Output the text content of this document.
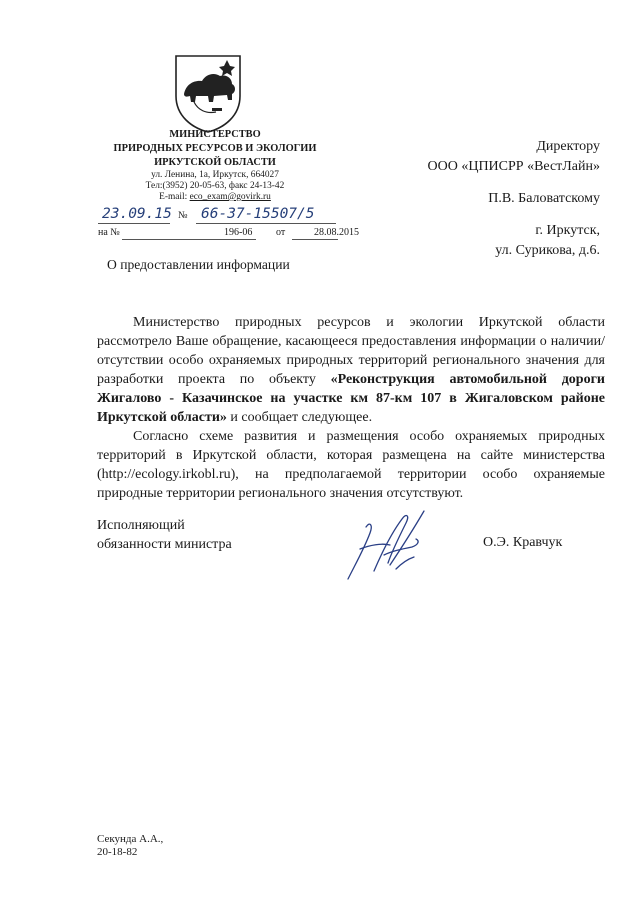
МИНИСТЕРСТВО
ПРИРОДНЫХ РЕСУРСОВ И ЭКОЛОГИИ
ИРКУТСКОЙ ОБЛАСТИ
ул. Ленина, 1а, Иркутск, 664027
Тел:(3952) 20-05-63, факс 24-13-42
E-mail: eco_exam@govirk.ru
23.09.15 № 66-37-15507/5
на №	196-06 от	28.08.2015
О предоставлении информации
Директору
ООО «ЦПИСРР «ВестЛайн»
П.В. Баловатскому
г. Иркутск,
ул. Сурикова, д.6.

Министерство природных ресурсов и экологии Иркутской области рассмотрело Ваше обращение, касающееся предоставления информации о наличии/отсутствии особо охраняемых природных территорий регионального значения для разработки проекта по объекту «Реконструкция автомобильной дороги Жигалово - Казачинское на участке км 87-км 107 в Жигаловском районе Иркутской области» и сообщает следующее.

Согласно схеме развития и размещения особо охраняемых природных территорий в Иркутской области, которая размещена на сайте министерства (http://ecology.irkobl.ru), на предполагаемой территории особо охраняемые природные территории регионального значения отсутствуют.

Исполняющий
обязанности министра	О.Э. Кравчук
Секунда А.А.,
20-18-82
